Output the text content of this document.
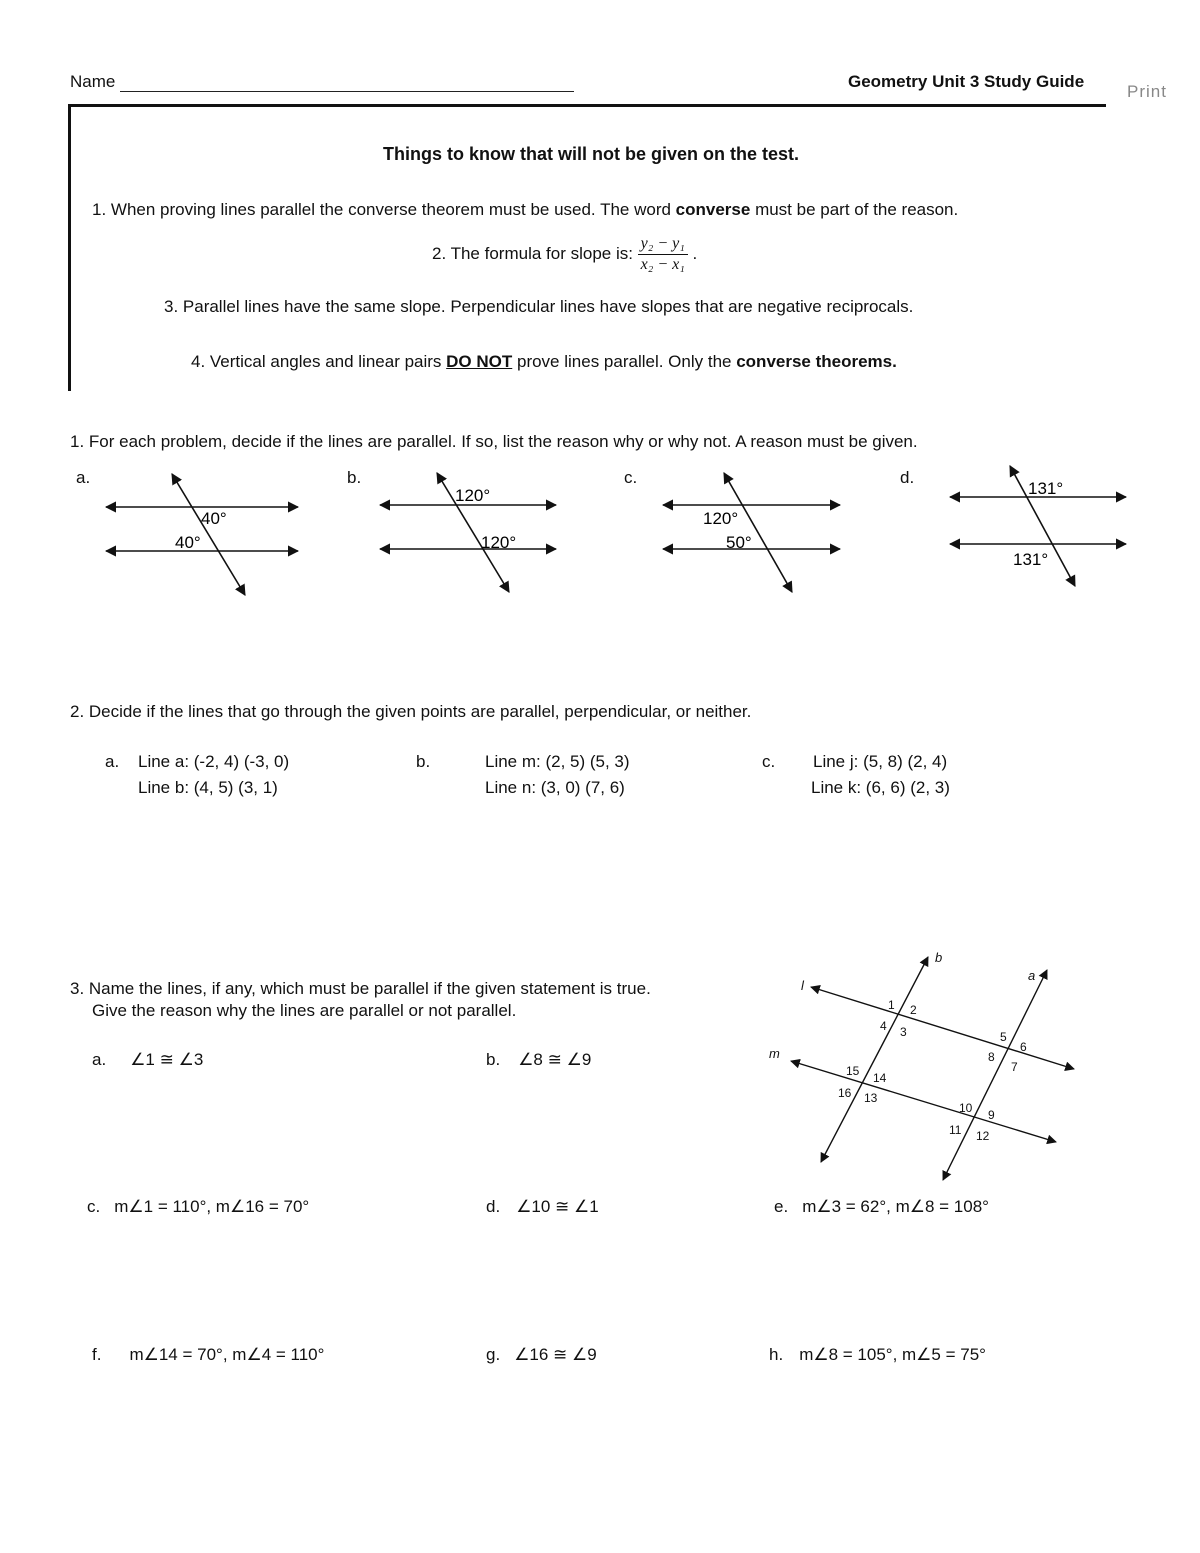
Name	Geometry Unit 3 Study Guide
Print
Things to know that will not be given on the test.
1. When proving lines parallel the converse theorem must be used. The word converse must be part of the reason.
2. The formula for slope is: $\frac{\text{y₂ − y₁}}{\text{x₂ − x₁}}$ .
3. Parallel lines have the same slope. Perpendicular lines have slopes that are negative reciprocals.
4. Vertical angles and linear pairs DO NOT prove lines parallel. Only the converse theorems.
1. For each problem, decide if the lines are parallel. If so, list the reason why or why not. A reason must be given.
a.	b.	c.	d.
40°
40°
120°
120°
120°
50°
131°
131°
l
m
a
b
1 2
3
4
5
6
7
8
9
10
11 12
13
14
15
16
2. Decide if the lines that go through the given points are parallel, perpendicular, or neither.
a. Line a: (-2, 4) (-3, 0)
Line b: (4, 5) (3, 1)
b.	Line m: (2, 5) (5, 3)
Line n: (3, 0) (7, 6)
c. Line j: (5, 8) (2, 4)
Line k: (6, 6) (2, 3)
3. Name the lines, if any, which must be parallel if the given statement is true.
Give the reason why the lines are parallel or not parallel.
a. ∠1 ≅ ∠3	b. ∠8 ≅ ∠9
c. m∠1 = 110°, m∠16 = 70°	d. ∠10 ≅ ∠1	e. m∠3 = 62°, m∠8 = 108°
f. m∠14 = 70°, m∠4 = 110°	g. ∠16 ≅ ∠9	h. m∠8 = 105°, m∠5 = 75°
